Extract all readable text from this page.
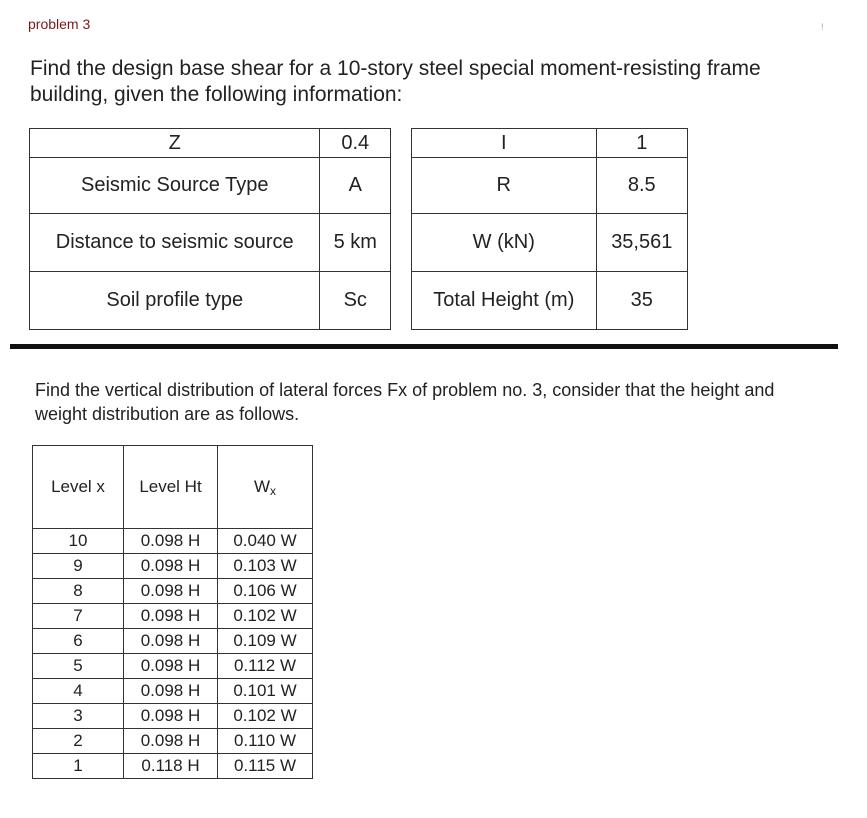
problem 3	!
Find the design base shear for a 10-story steel special moment-resisting frame building, given the following information:
Z	0.4
Seismic Source Type	A
Distance to seismic source	5 km
Soil profile type	Sc
I	1
R	8.5
W (kN)	35,561
Total Height (m)	35
Find the vertical distribution of lateral forces Fx of problem no. 3, consider that the height and weight distribution are as follows.
Level x	Level Ht	Wx
10	0.098 H	0.040 W
9	0.098 H	0.103 W
8	0.098 H	0.106 W
7	0.098 H	0.102 W
6	0.098 H	0.109 W
5	0.098 H	0.112 W
4	0.098 H	0.101 W
3	0.098 H	0.102 W
2	0.098 H	0.110 W
1	0.118 H	0.115 W
